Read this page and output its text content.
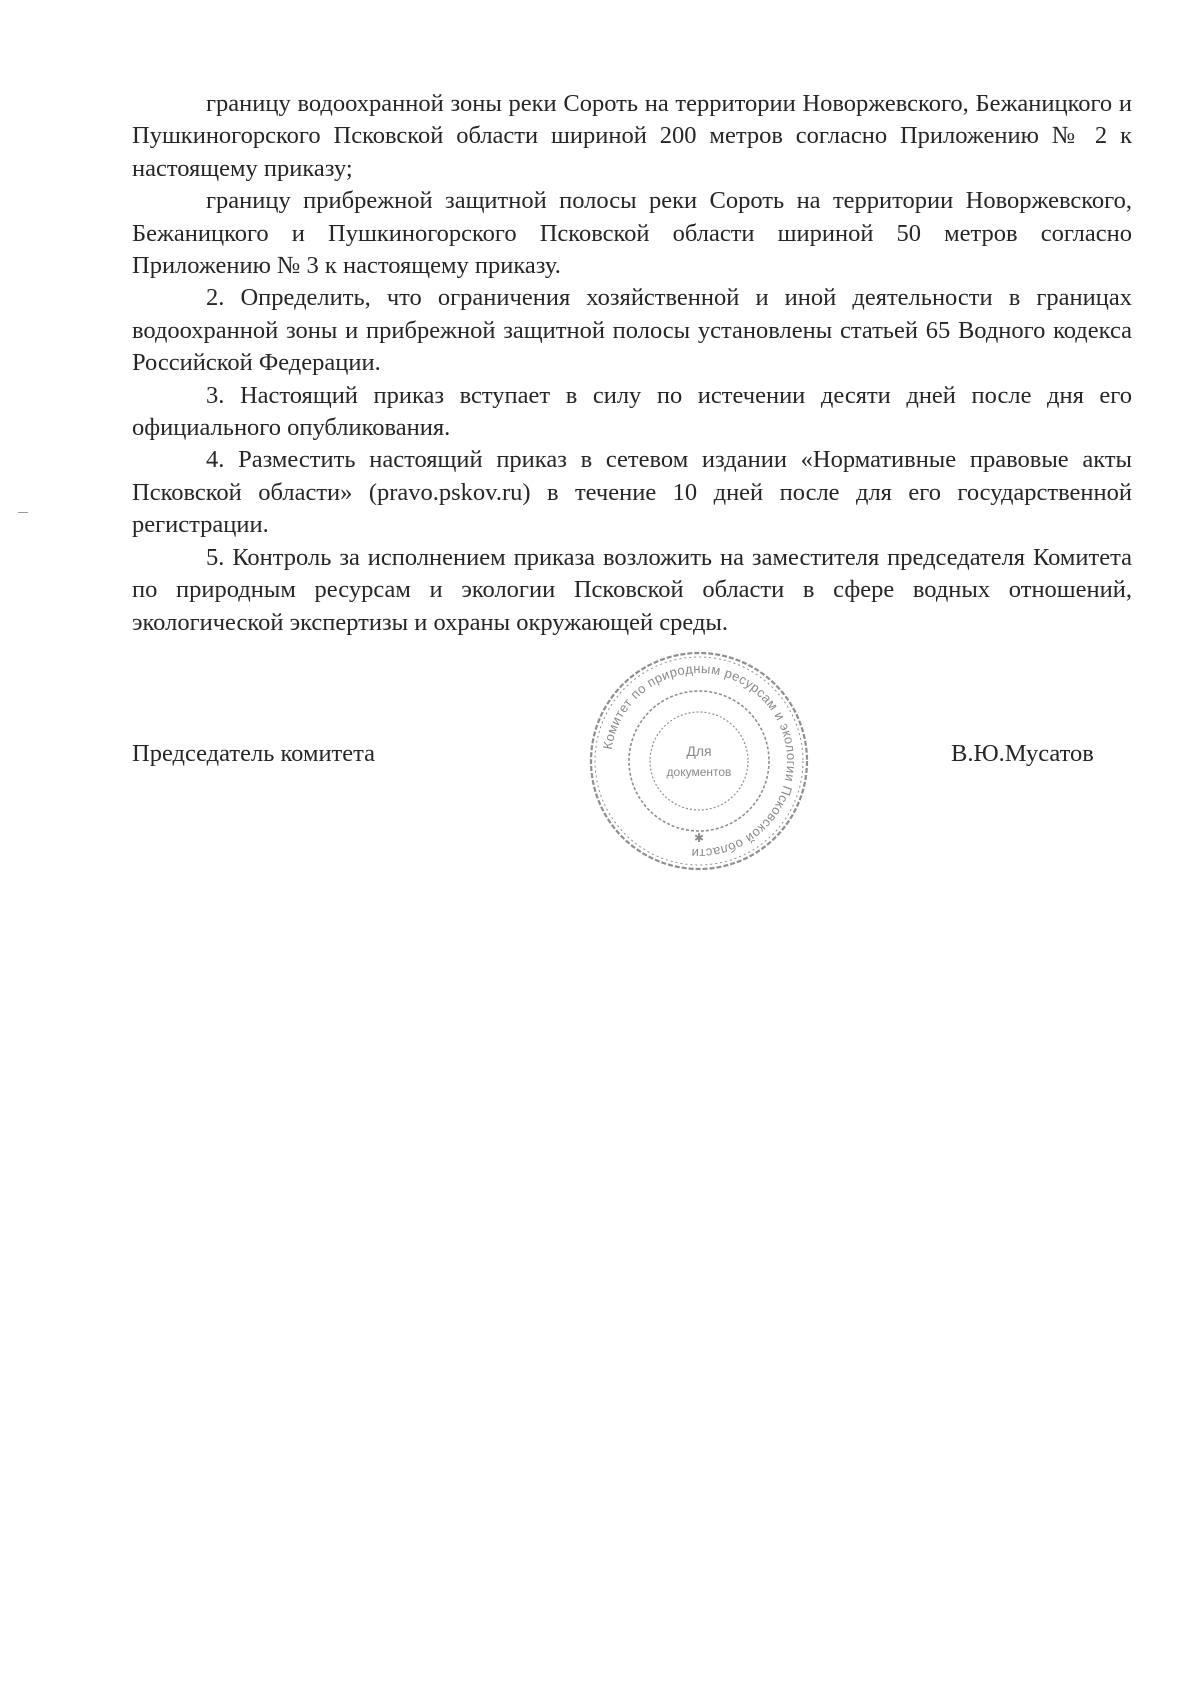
границу водоохранной зоны реки Сороть на территории Новоржевского, Бежаницкого и Пушкиногорского Псковской области шириной 200 метров согласно Приложению № 2 к настоящему приказу;

границу прибрежной защитной полосы реки Сороть на территории Новоржевского, Бежаницкого и Пушкиногорского Псковской области шириной 50 метров согласно Приложению № 3 к настоящему приказу.

2. Определить, что ограничения хозяйственной и иной деятельности в границах водоохранной зоны и прибрежной защитной полосы установлены статьей 65 Водного кодекса Российской Федерации.

3. Настоящий приказ вступает в силу по истечении десяти дней после дня его официального опубликования.

4. Разместить настоящий приказ в сетевом издании «Нормативные правовые акты Псковской области» (pravo.pskov.ru) в течение 10 дней после для его государственной регистрации.

5. Контроль за исполнением приказа возложить на заместителя председателя Комитета по природным ресурсам и экологии Псковской области в сфере водных отношений, экологической экспертизы и охраны окружающей среды.

Председатель комитета	Комитет по природным ресурсам и экологии Псковской области
Для
документов
✱
В.Ю.Мусатов
